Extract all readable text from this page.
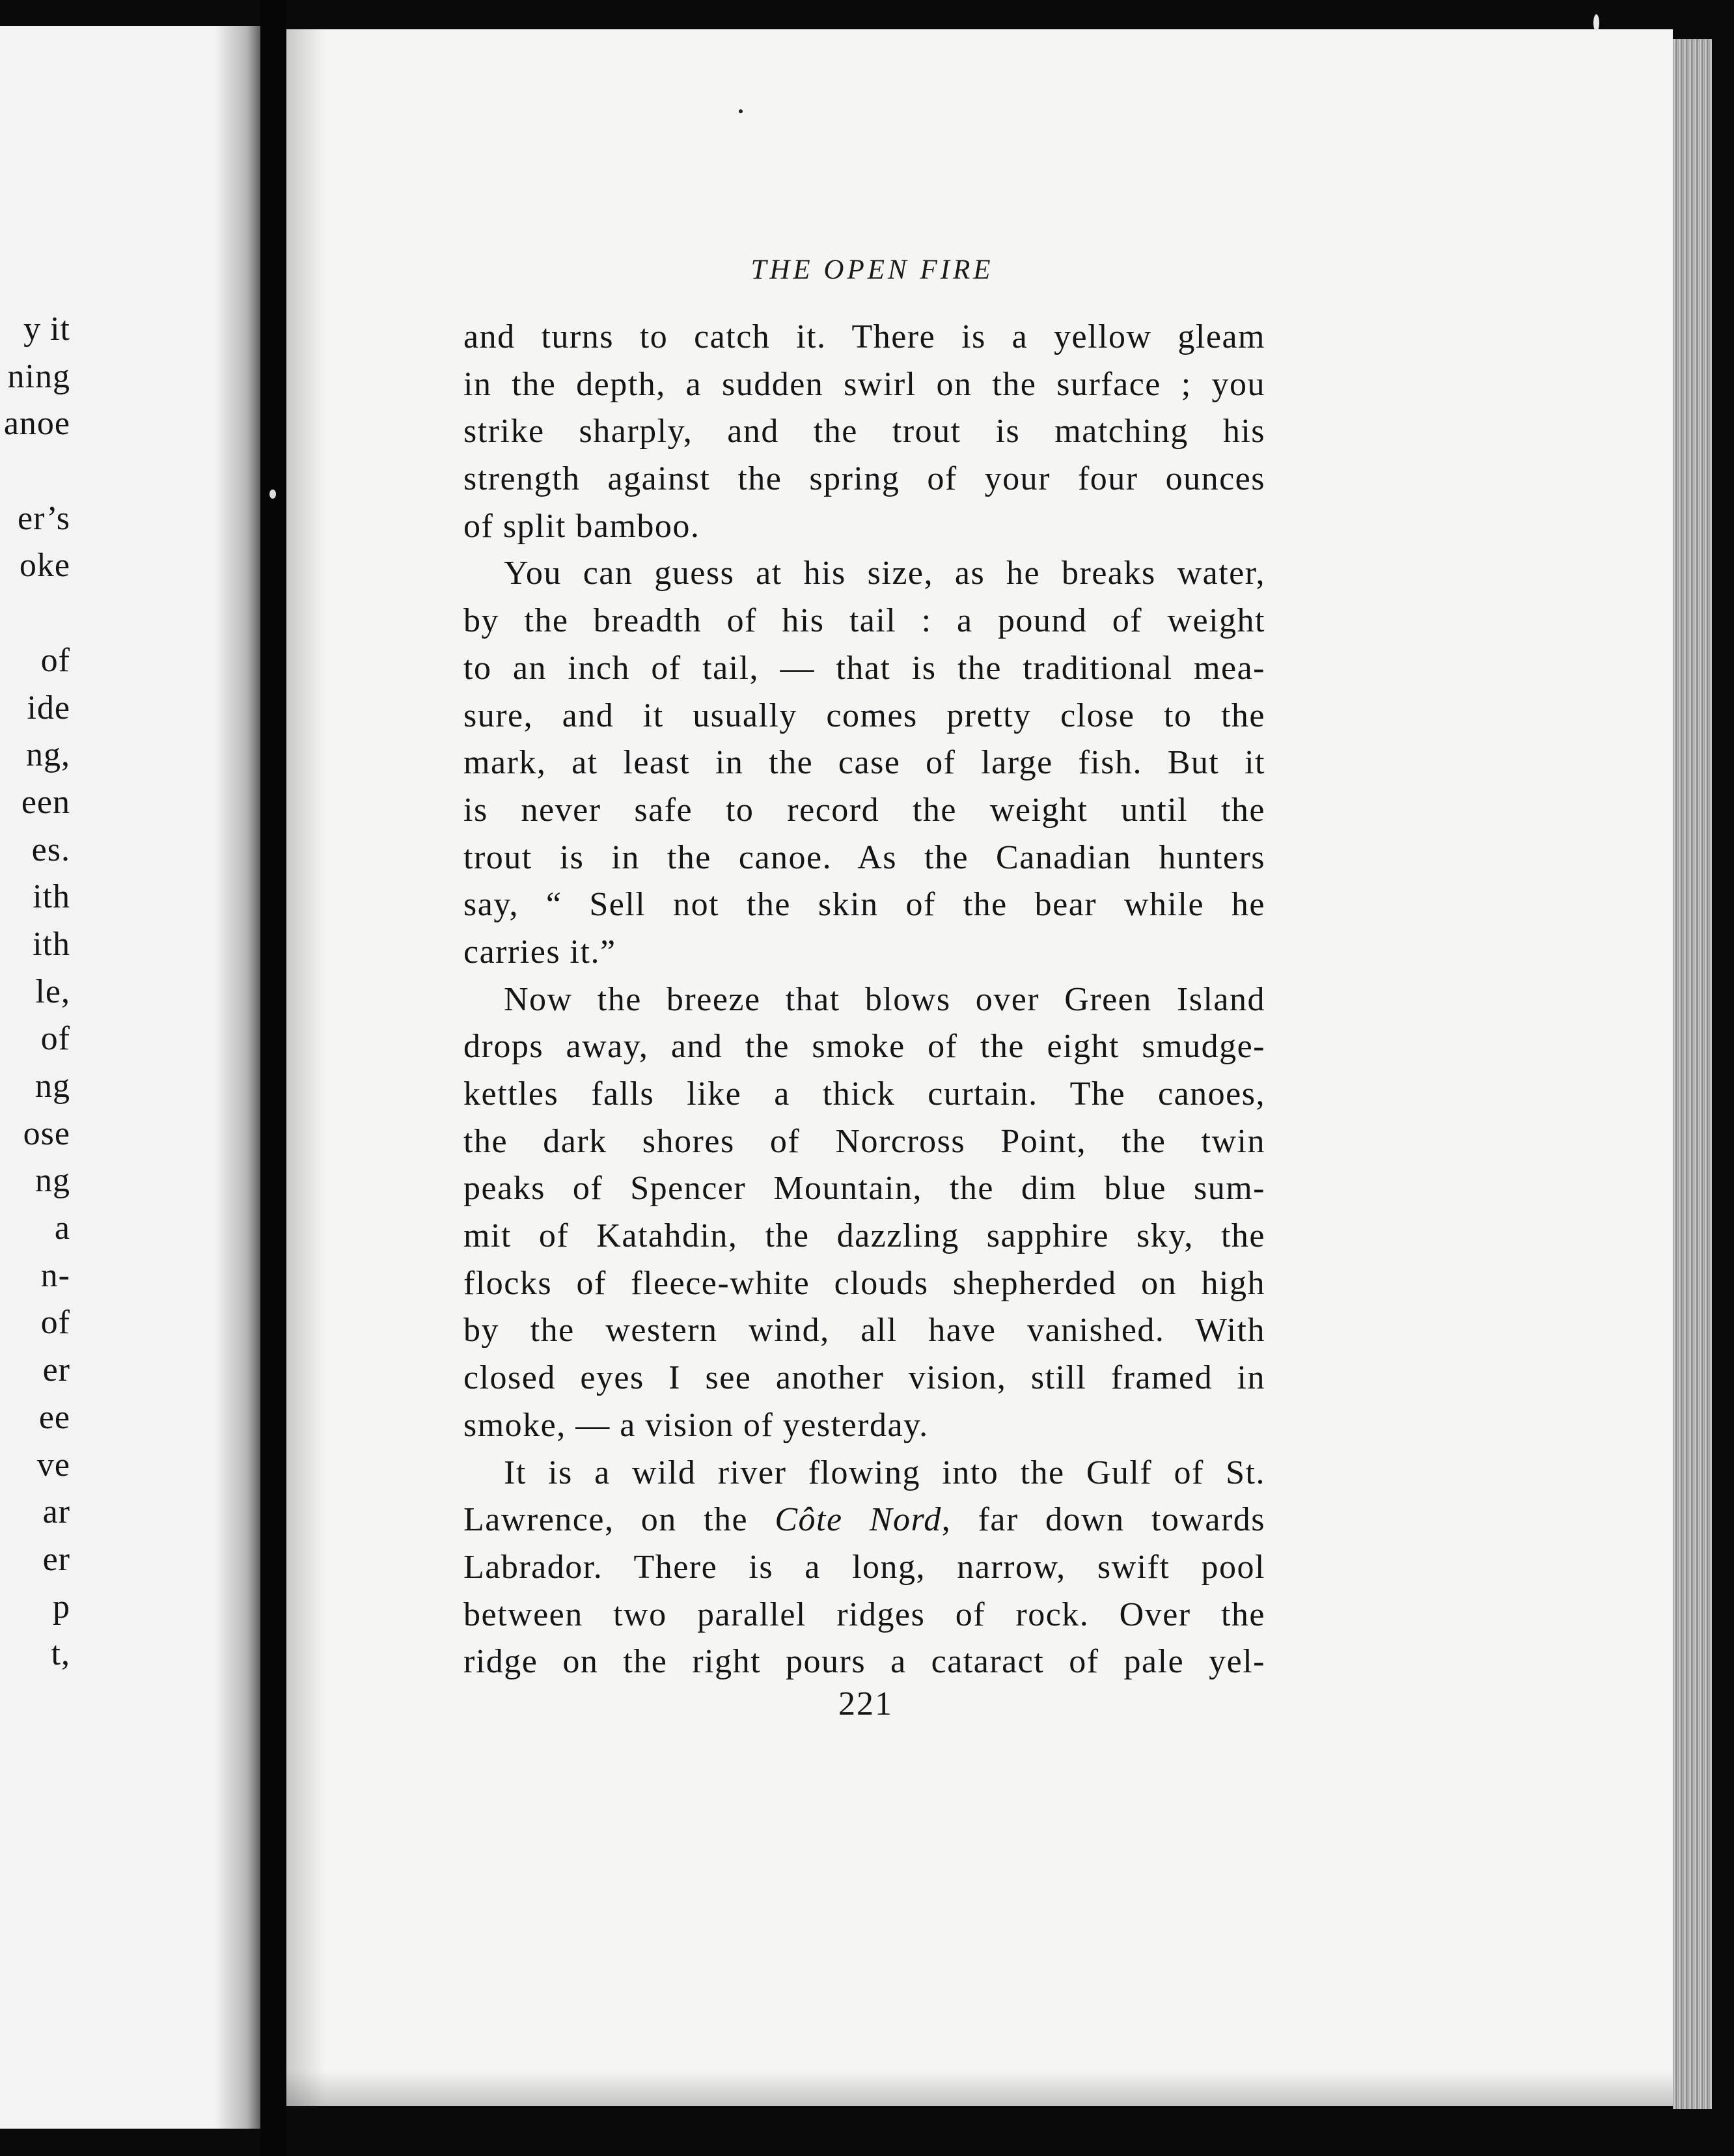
y it
ning
anoe
er’s
oke
of
ide
ng,
een
es.
ith
ith
le,
of
ng
ose
ng
a
n-
of
er
ee
ve
ar
er
p
t,
THE OPEN FIRE
and turns to catch it. There is a yellow gleam
in the depth, a sudden swirl on the surface ; you
strike sharply, and the trout is matching his
strength against the spring of your four ounces
of split bamboo.
You can guess at his size, as he breaks water,
by the breadth of his tail : a pound of weight
to an inch of tail, — that is the traditional mea-
sure, and it usually comes pretty close to the
mark, at least in the case of large fish. But it
is never safe to record the weight until the
trout is in the canoe. As the Canadian hunters
say, “ Sell not the skin of the bear while he
carries it.”
Now the breeze that blows over Green Island
drops away, and the smoke of the eight smudge-
kettles falls like a thick curtain. The canoes,
the dark shores of Norcross Point, the twin
peaks of Spencer Mountain, the dim blue sum-
mit of Katahdin, the dazzling sapphire sky, the
flocks of fleece-white clouds shepherded on high
by the western wind, all have vanished. With
closed eyes I see another vision, still framed in
smoke, — a vision of yesterday.
It is a wild river flowing into the Gulf of St.
Lawrence, on the Côte Nord, far down towards
Labrador. There is a long, narrow, swift pool
between two parallel ridges of rock. Over the
ridge on the right pours a cataract of pale yel-
221
